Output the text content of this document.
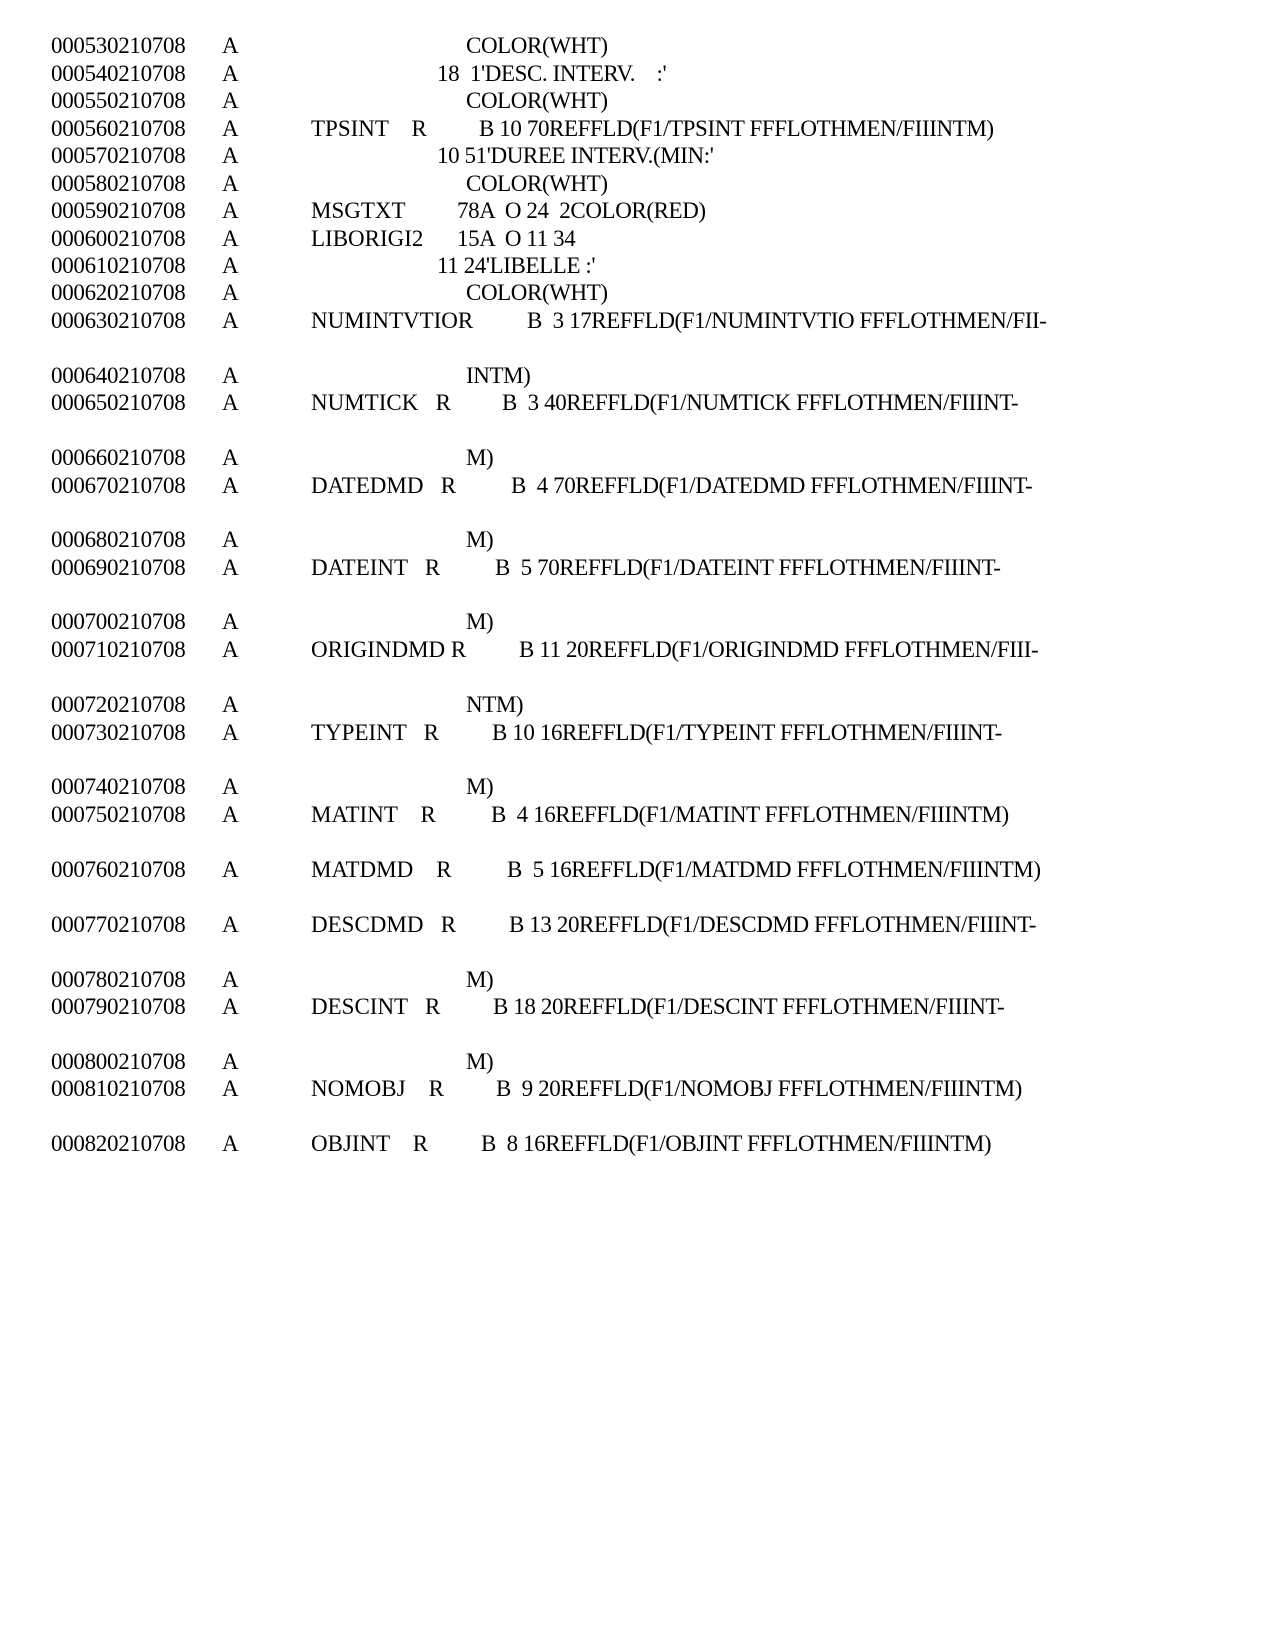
000530210708 A	COLOR(WHT)
000540210708 A	18  1'DESC. INTERV.    :'
000550210708 A	COLOR(WHT)
000560210708 A	TPSINT    R B 10 70REFFLD(F1/TPSINT FFFLOTHMEN/FIIINTM)
000570210708 A	10 51'DUREE INTERV.(MIN:'
000580210708 A	COLOR(WHT)
000590210708 A	MSGTXT 78A  O 24  2COLOR(RED)
000600210708 A	LIBORIGI2 15A  O 11 34
000610210708 A	11 24'LIBELLE :'
000620210708 A	COLOR(WHT)
000630210708 A	NUMINTVTIOR B  3 17REFFLD(F1/NUMINTVTIO FFFLOTHMEN/FII-
000640210708 A	INTM)
000650210708 A	NUMTICK   R B  3 40REFFLD(F1/NUMTICK FFFLOTHMEN/FIIINT-
000660210708 A	M)
000670210708 A	DATEDMD   R B  4 70REFFLD(F1/DATEDMD FFFLOTHMEN/FIIINT-
000680210708 A	M)
000690210708 A	DATEINT   R B  5 70REFFLD(F1/DATEINT FFFLOTHMEN/FIIINT-
000700210708 A	M)
000710210708 A	ORIGINDMD R B 11 20REFFLD(F1/ORIGINDMD FFFLOTHMEN/FIII-
000720210708 A	NTM)
000730210708 A	TYPEINT   R B 10 16REFFLD(F1/TYPEINT FFFLOTHMEN/FIIINT-
000740210708 A	M)
000750210708 A	MATINT    R B  4 16REFFLD(F1/MATINT FFFLOTHMEN/FIIINTM)
000760210708 A	MATDMD    R B  5 16REFFLD(F1/MATDMD FFFLOTHMEN/FIIINTM)
000770210708 A	DESCDMD   R B 13 20REFFLD(F1/DESCDMD FFFLOTHMEN/FIIINT-
000780210708 A	M)
000790210708 A	DESCINT   R B 18 20REFFLD(F1/DESCINT FFFLOTHMEN/FIIINT-
000800210708 A	M)
000810210708 A	NOMOBJ    R B  9 20REFFLD(F1/NOMOBJ FFFLOTHMEN/FIIINTM)
000820210708 A	OBJINT    R B  8 16REFFLD(F1/OBJINT FFFLOTHMEN/FIIINTM)
